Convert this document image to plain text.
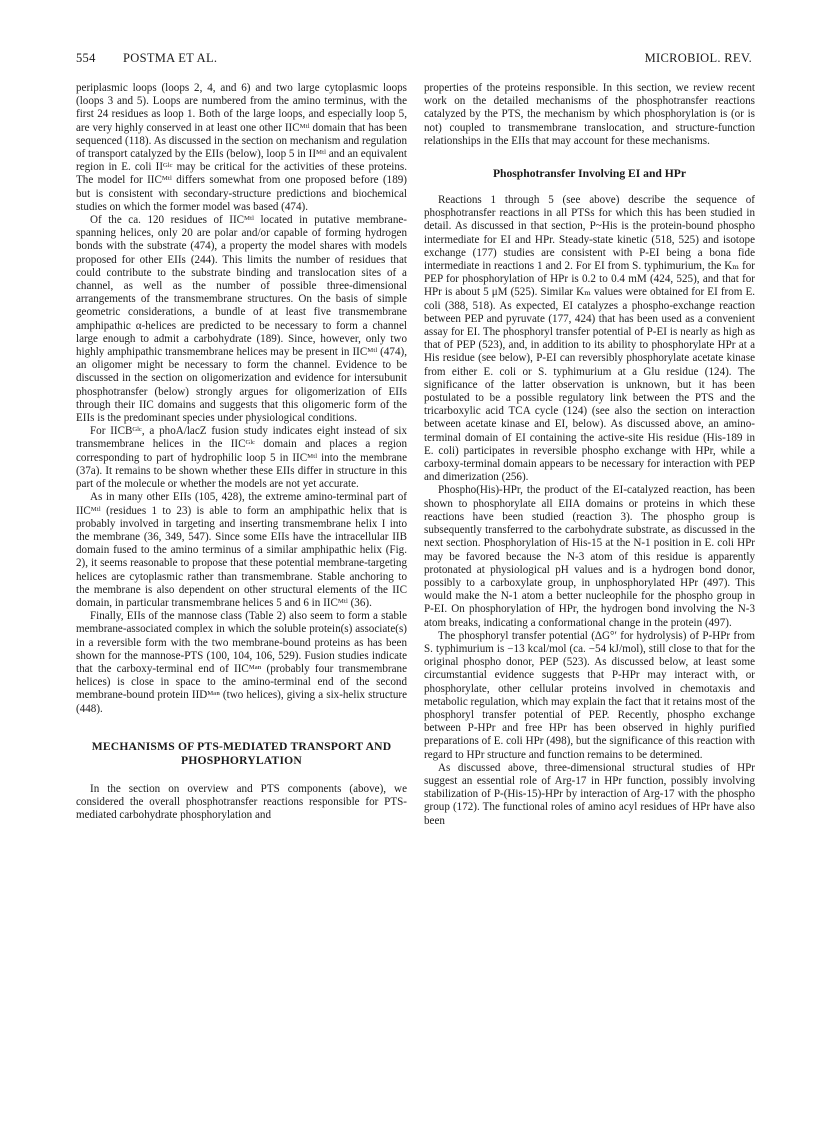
554 POSTMA ET AL.	MICROBIOL. REV.

periplasmic loops (loops 2, 4, and 6) and two large cytoplasmic loops (loops 3 and 5). Loops are numbered from the amino terminus, with the first 24 residues as loop 1. Both of the large loops, and especially loop 5, are very highly conserved in at least one other IICᴹᵗˡ domain that has been sequenced (118). As discussed in the section on mechanism and regulation of transport catalyzed by the EIIs (below), loop 5 in IIᴹᵗˡ and an equivalent region in E. coli IIᴳˡᶜ may be critical for the activities of these proteins. The model for IICᴹᵗˡ differs somewhat from one proposed before (189) but is consistent with secondary-structure predictions and biochemical studies on which the former model was based (474).

Of the ca. 120 residues of IICᴹᵗˡ located in putative membrane-spanning helices, only 20 are polar and/or capable of forming hydrogen bonds with the substrate (474), a property the model shares with models proposed for other EIIs (244). This limits the number of residues that could contribute to the substrate binding and translocation sites of a channel, as well as the number of possible three-dimensional arrangements of the transmembrane structures. On the basis of simple geometric considerations, a bundle of at least five transmembrane amphipathic α-helices are predicted to be necessary to form a channel large enough to admit a carbohydrate (189). Since, however, only two highly amphipathic transmembrane helices may be present in IICᴹᵗˡ (474), an oligomer might be necessary to form the channel. Evidence to be discussed in the section on oligomerization and evidence for intersubunit phosphotransfer (below) strongly argues for oligomerization of EIIs through their IIC domains and suggests that this oligomeric form of the EIIs is the predominant species under physiological conditions.

For IICBᴳˡᶜ, a phoA/lacZ fusion study indicates eight instead of six transmembrane helices in the IICᴳˡᶜ domain and places a region corresponding to part of hydrophilic loop 5 in IICᴹᵗˡ into the membrane (37a). It remains to be shown whether these EIIs differ in structure in this part of the molecule or whether the models are not yet accurate.

As in many other EIIs (105, 428), the extreme amino-terminal part of IICᴹᵗˡ (residues 1 to 23) is able to form an amphipathic helix that is probably involved in targeting and inserting transmembrane helix I into the membrane (36, 349, 547). Since some EIIs have the intracellular IIB domain fused to the amino terminus of a similar amphipathic helix (Fig. 2), it seems reasonable to propose that these potential membrane-targeting helices are cytoplasmic rather than transmembrane. Stable anchoring to the membrane is also dependent on other structural elements of the IIC domain, in particular transmembrane helices 5 and 6 in IICᴹᵗˡ (36).

Finally, EIIs of the mannose class (Table 2) also seem to form a stable membrane-associated complex in which the soluble protein(s) associate(s) in a reversible form with the two membrane-bound proteins as has been shown for the mannose-PTS (100, 104, 106, 529). Fusion studies indicate that the carboxy-terminal end of IICᴹᵃⁿ (probably four transmembrane helices) is close in space to the amino-terminal end of the second membrane-bound protein IIDᴹᵃⁿ (two helices), giving a six-helix structure (448).

MECHANISMS OF PTS-MEDIATED TRANSPORT AND PHOSPHORYLATION

In the section on overview and PTS components (above), we considered the overall phosphotransfer reactions responsible for PTS-mediated carbohydrate phosphorylation and

properties of the proteins responsible. In this section, we review recent work on the detailed mechanisms of the phosphotransfer reactions catalyzed by the PTS, the mechanism by which phosphorylation is (or is not) coupled to transmembrane translocation, and structure-function relationships in the EIIs that may account for these mechanisms.

Phosphotransfer Involving EI and HPr

Reactions 1 through 5 (see above) describe the sequence of phosphotransfer reactions in all PTSs for which this has been studied in detail. As discussed in that section, P~His is the protein-bound phospho intermediate for EI and HPr. Steady-state kinetic (518, 525) and isotope exchange (177) studies are consistent with P-EI being a bona fide intermediate in reactions 1 and 2. For EI from S. typhimurium, the Kₘ for PEP for phosphorylation of HPr is 0.2 to 0.4 mM (424, 525), and that for HPr is about 5 μM (525). Similar Kₘ values were obtained for EI from E. coli (388, 518). As expected, EI catalyzes a phospho-exchange reaction between PEP and pyruvate (177, 424) that has been used as a convenient assay for EI. The phosphoryl transfer potential of P-EI is nearly as high as that of PEP (523), and, in addition to its ability to phosphorylate HPr at a His residue (see below), P-EI can reversibly phosphorylate acetate kinase from either E. coli or S. typhimurium at a Glu residue (124). The significance of the latter observation is unknown, but it has been postulated to be a possible regulatory link between the PTS and the tricarboxylic acid TCA cycle (124) (see also the section on interaction between acetate kinase and EI, below). As discussed above, an amino-terminal domain of EI containing the active-site His residue (His-189 in E. coli) participates in reversible phospho exchange with HPr, while a carboxy-terminal domain appears to be necessary for interaction with PEP and dimerization (256).

Phospho(His)-HPr, the product of the EI-catalyzed reaction, has been shown to phosphorylate all EIIA domains or proteins in which these reactions have been studied (reaction 3). The phospho group is subsequently transferred to the carbohydrate substrate, as discussed in the next section. Phosphorylation of His-15 at the N-1 position in E. coli HPr may be favored because the N-3 atom of this residue is apparently protonated at physiological pH values and is a hydrogen bond donor, possibly to a carboxylate group, in unphosphorylated HPr (497). This would make the N-1 atom a better nucleophile for the phospho group in P-EI. On phosphorylation of HPr, the hydrogen bond involving the N-3 atom breaks, indicating a conformational change in the protein (497).

The phosphoryl transfer potential (ΔG°′ for hydrolysis) of P-HPr from S. typhimurium is −13 kcal/mol (ca. −54 kJ/mol), still close to that for the original phospho donor, PEP (523). As discussed below, at least some circumstantial evidence suggests that P-HPr may interact with, or phosphorylate, other cellular proteins involved in chemotaxis and metabolic regulation, which may explain the fact that it retains most of the phosphoryl transfer potential of PEP. Recently, phospho exchange between P-HPr and free HPr has been observed in highly purified preparations of E. coli HPr (498), but the significance of this reaction with regard to HPr structure and function remains to be determined.

As discussed above, three-dimensional structural studies of HPr suggest an essential role of Arg-17 in HPr function, possibly involving stabilization of P-(His-15)-HPr by interaction of Arg-17 with the phospho group (172). The functional roles of amino acyl residues of HPr have also been
